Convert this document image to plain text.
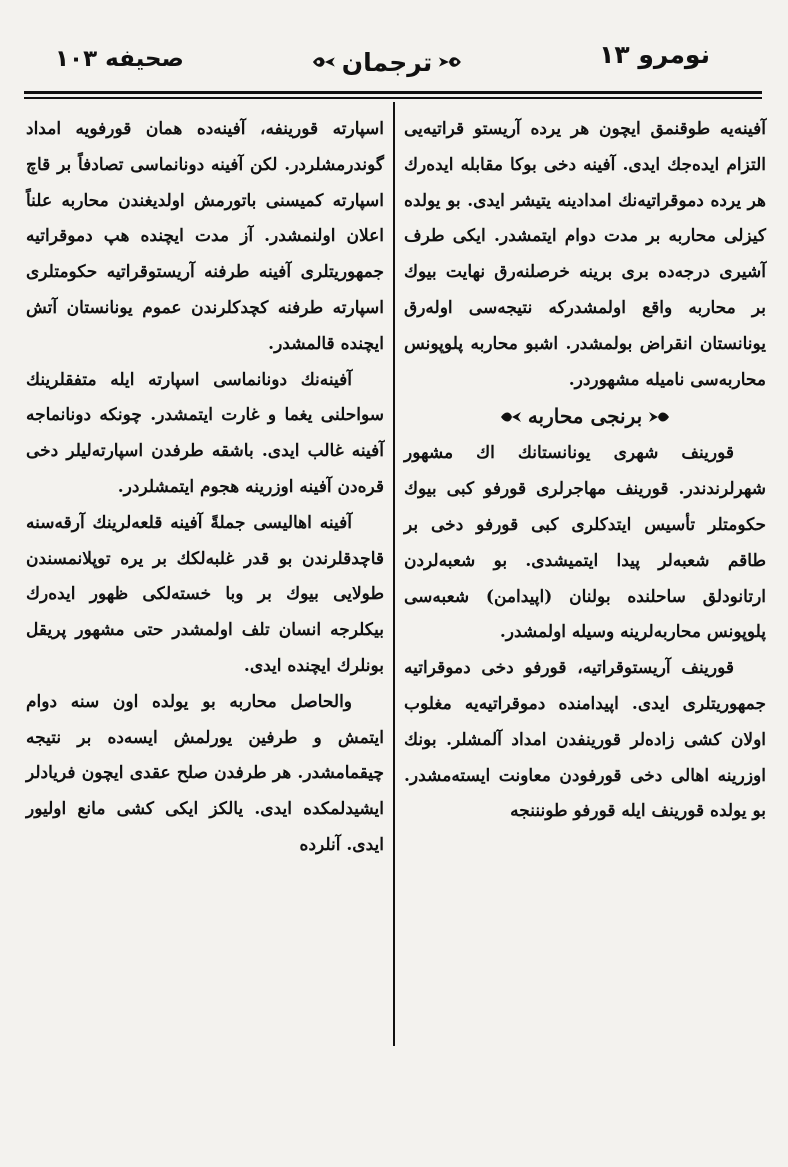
صحیفه ۱۰۳	ترجمان	نومرو ۱۳

آفینه‌یه طوقنمق ایچون هر یرده آریستو قراتیه‌یی التزام ایده‌جك ایدی. آفینه دخی بوكا مقابله ایده‌رك هر یرده دموقراتیه‌نك امدادینه یتیشر ایدی. بو یولده كیزلی محاربه بر مدت دوام ایتمشدر. ایكی طرف آشیری درجه‌ده بری برینه خرصلنه‌رق نهایت بیوك بر محاربه واقع اولمشدركه نتیجه‌سی اوله‌رق یونانستان انقراض بولمشدر. اشبو محاربه پلوپونس محاربه‌سی نامیله مشهوردر.

برنجی محاربه

قورینف شهری یونانستانك اك مشهور شهرلرندندر. قورینف مهاجرلری قورفو كبی بیوك حكومتلر تأسیس ایتدكلری كبی قورفو دخی بر طاقم شعبه‌لر پیدا ایتمیشدی. بو شعبه‌لردن ارتانودلق ساحلنده بولنان (اپیدامن) شعبه‌سی پلوپونس محاربه‌لرینه وسیله اولمشدر.

قورینف آریستوقراتیه، قورفو دخی دموقراتیه جمهوریتلری ایدی. اپیدامنده دموقراتیه‌یه مغلوب اولان كشی زاده‌لر قورینفدن امداد آلمشلر. بونك اوزرینه اهالی دخی قورفودن معاونت ایسته‌مشدر. بو یولده قورینف ایله قورفو طونننجه

اسپارته قورینفه، آفینه‌ده همان قورفویه امداد گوندرمشلردر. لكن آفینه دونانماسی تصادفاً بر قاچ اسپارته كمیسنی باتورمش اولدیغندن محاربه علناً اعلان اولنمشدر. آز مدت ایچنده هپ دموقراتیه جمهوریتلری آفینه طرفنه آریستوقراتیه حكومتلری اسپارته طرفنه كچدكلرندن عموم یونانستان آتش ایچنده قالمشدر.

آفینه‌نك دونانماسی اسپارته ایله متفقلرینك سواحلنی یغما و غارت ایتمشدر. چونكه دونانماجه آفینه غالب ایدی. باشقه طرفدن اسپارته‌لیلر دخی قره‌دن آفینه اوزرینه هجوم ایتمشلردر.

آفینه اهالیسی جملةً آفینه قلعه‌لرینك آرقه‌سنه قاچدقلرندن بو قدر غلبه‌لكك بر یره توپلانمسندن طولایی بیوك بر وبا خسته‌لكی ظهور ایده‌رك بیكلرجه انسان تلف اولمشدر حتی مشهور پریقل بونلرك ایچنده ایدی.

والحاصل محاربه بو یولده اون سنه دوام ایتمش و طرفین یورلمش ایسه‌ده بر نتیجه چیقمامشدر. هر طرفدن صلح عقدی ایچون فریادلر ایشیدلمكده ایدی. یالكز ایكی كشی مانع اولیور ایدی. آنلرده
